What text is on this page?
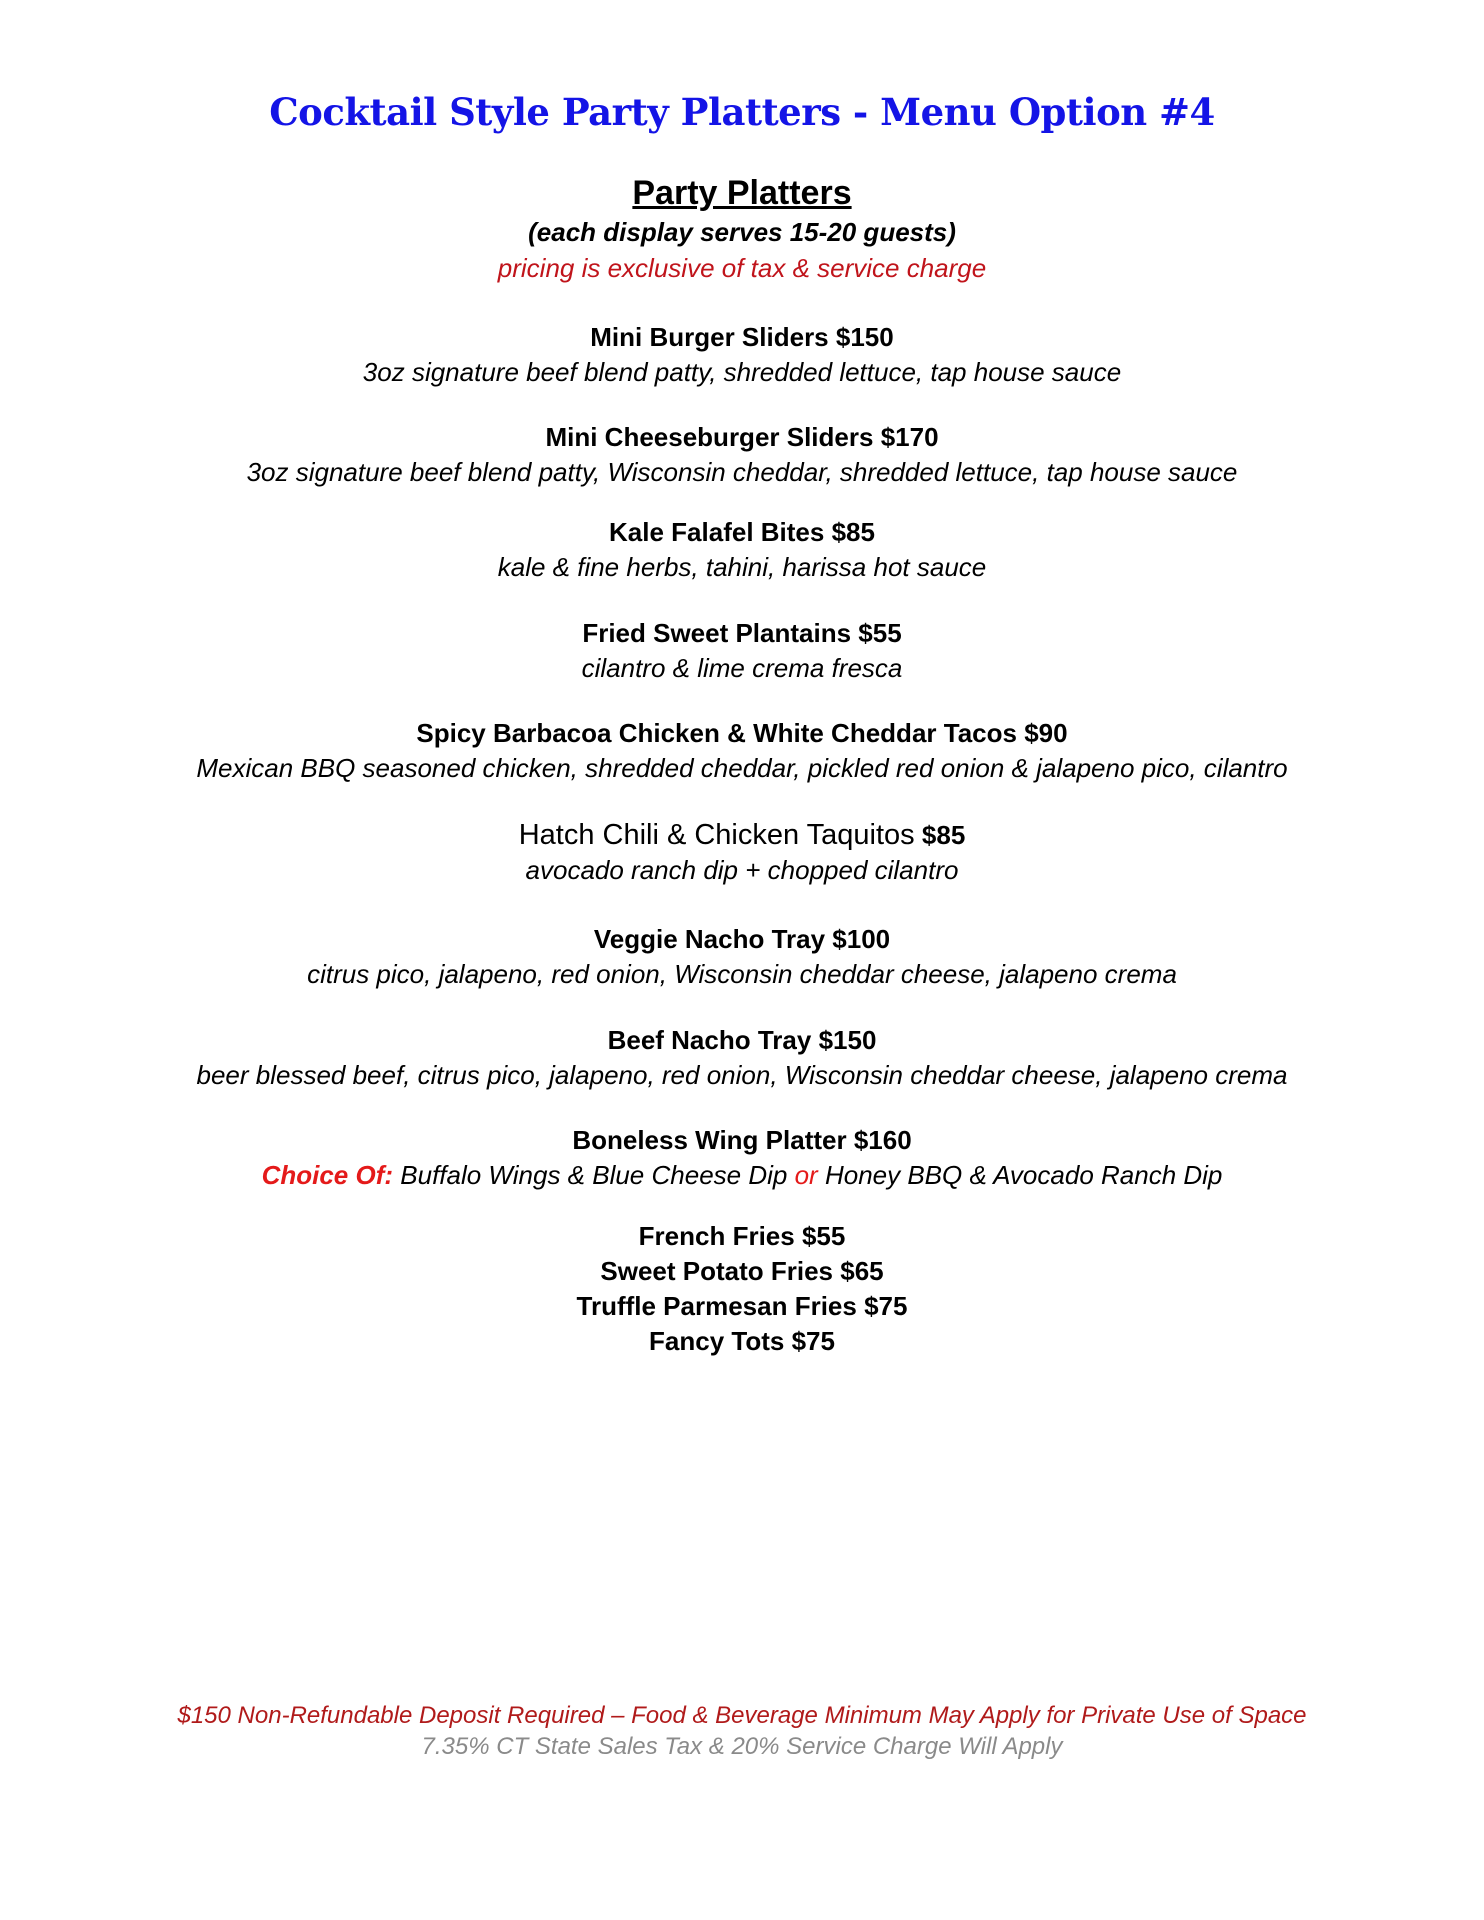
Cocktail Style Party Platters - Menu Option #4
Party Platters

(each display serves 15-20 guests)

pricing is exclusive of tax & service charge

Mini Burger Sliders $150
3oz signature beef blend patty, shredded lettuce, tap house sauce
Mini Cheeseburger Sliders $170
3oz signature beef blend patty, Wisconsin cheddar, shredded lettuce, tap house sauce
Kale Falafel Bites $85
kale & fine herbs, tahini, harissa hot sauce
Fried Sweet Plantains $55
cilantro & lime crema fresca
Spicy Barbacoa Chicken & White Cheddar Tacos $90
Mexican BBQ seasoned chicken, shredded cheddar, pickled red onion & jalapeno pico, cilantro
Hatch Chili & Chicken Taquitos $85
avocado ranch dip + chopped cilantro
Veggie Nacho Tray $100
citrus pico, jalapeno, red onion, Wisconsin cheddar cheese, jalapeno crema
Beef Nacho Tray $150
beer blessed beef, citrus pico, jalapeno, red onion, Wisconsin cheddar cheese, jalapeno crema
Boneless Wing Platter $160
Choice Of: Buffalo Wings & Blue Cheese Dip or Honey BBQ & Avocado Ranch Dip
French Fries $55
Sweet Potato Fries $65
Truffle Parmesan Fries $75
Fancy Tots $75

$150 Non-Refundable Deposit Required – Food & Beverage Minimum May Apply for Private Use of Space

7.35% CT State Sales Tax & 20% Service Charge Will Apply
